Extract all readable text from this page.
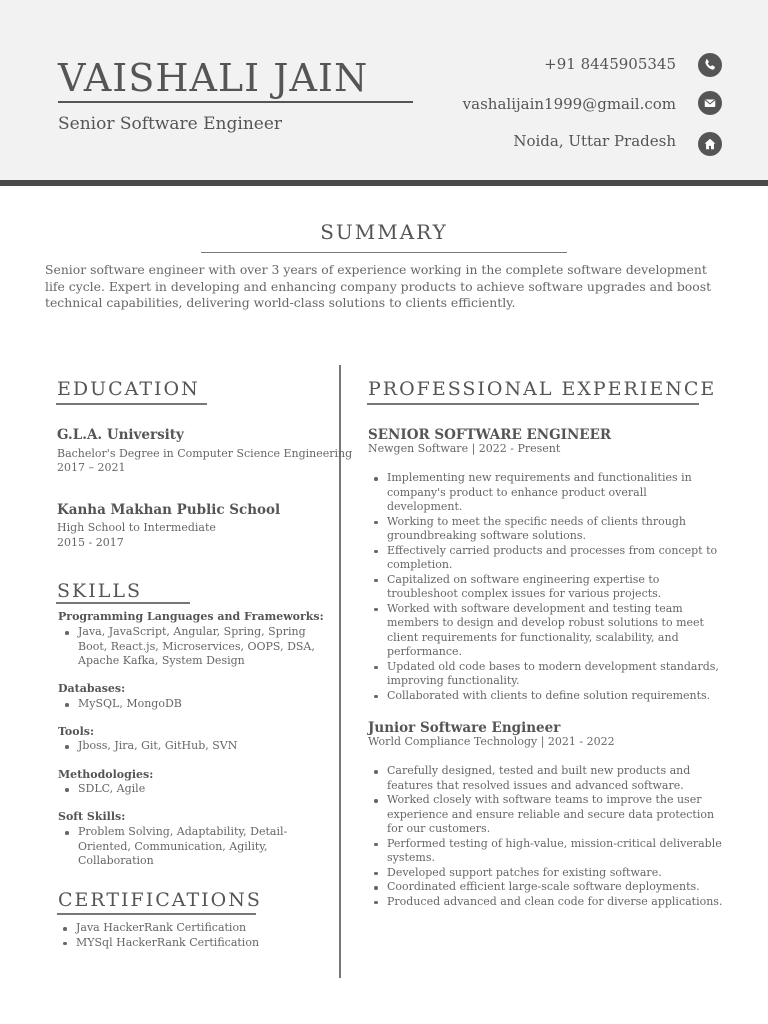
VAISHALI JAIN
Senior Software Engineer
+91 8445905345
vashalijain1999@gmail.com
Noida, Uttar Pradesh
SUMMARY

Senior software engineer with over 3 years of experience working in the complete software development life cycle. Expert in developing and enhancing company products to achieve software upgrades and boost technical capabilities, delivering world-class solutions to clients efficiently.

EDUCATION
G.L.A. University
Bachelor's Degree in Computer Science Engineering
2017 – 2021
Kanha Makhan Public School
High School to Intermediate
2015 - 2017
SKILLS
Programming Languages and Frameworks:
Java, JavaScript, Angular, Spring, Spring Boot, React.js, Microservices, OOPS, DSA, Apache Kafka, System Design
Databases:
MySQL, MongoDB
Tools:
Jboss, Jira, Git, GitHub, SVN
Methodologies:
SDLC, Agile
Soft Skills:
Problem Solving, Adaptability, Detail-Oriented, Communication, Agility, Collaboration
CERTIFICATIONS
Java HackerRank Certification
MYSql HackerRank Certification
PROFESSIONAL EXPERIENCE
SENIOR SOFTWARE ENGINEER
Newgen Software | 2022 - Present
Implementing new requirements and functionalities in company's product to enhance product overall development.
Working to meet the specific needs of clients through groundbreaking software solutions.
Effectively carried products and processes from concept to completion.
Capitalized on software engineering expertise to troubleshoot complex issues for various projects.
Worked with software development and testing team members to design and develop robust solutions to meet client requirements for functionality, scalability, and performance.
Updated old code bases to modern development standards, improving functionality.
Collaborated with clients to define solution requirements.
Junior Software Engineer
World Compliance Technology | 2021 - 2022
Carefully designed, tested and built new products and features that resolved issues and advanced software.
Worked closely with software teams to improve the user experience and ensure reliable and secure data protection for our customers.
Performed testing of high-value, mission-critical deliverable systems.
Developed support patches for existing software.
Coordinated efficient large-scale software deployments.
Produced advanced and clean code for diverse applications.
